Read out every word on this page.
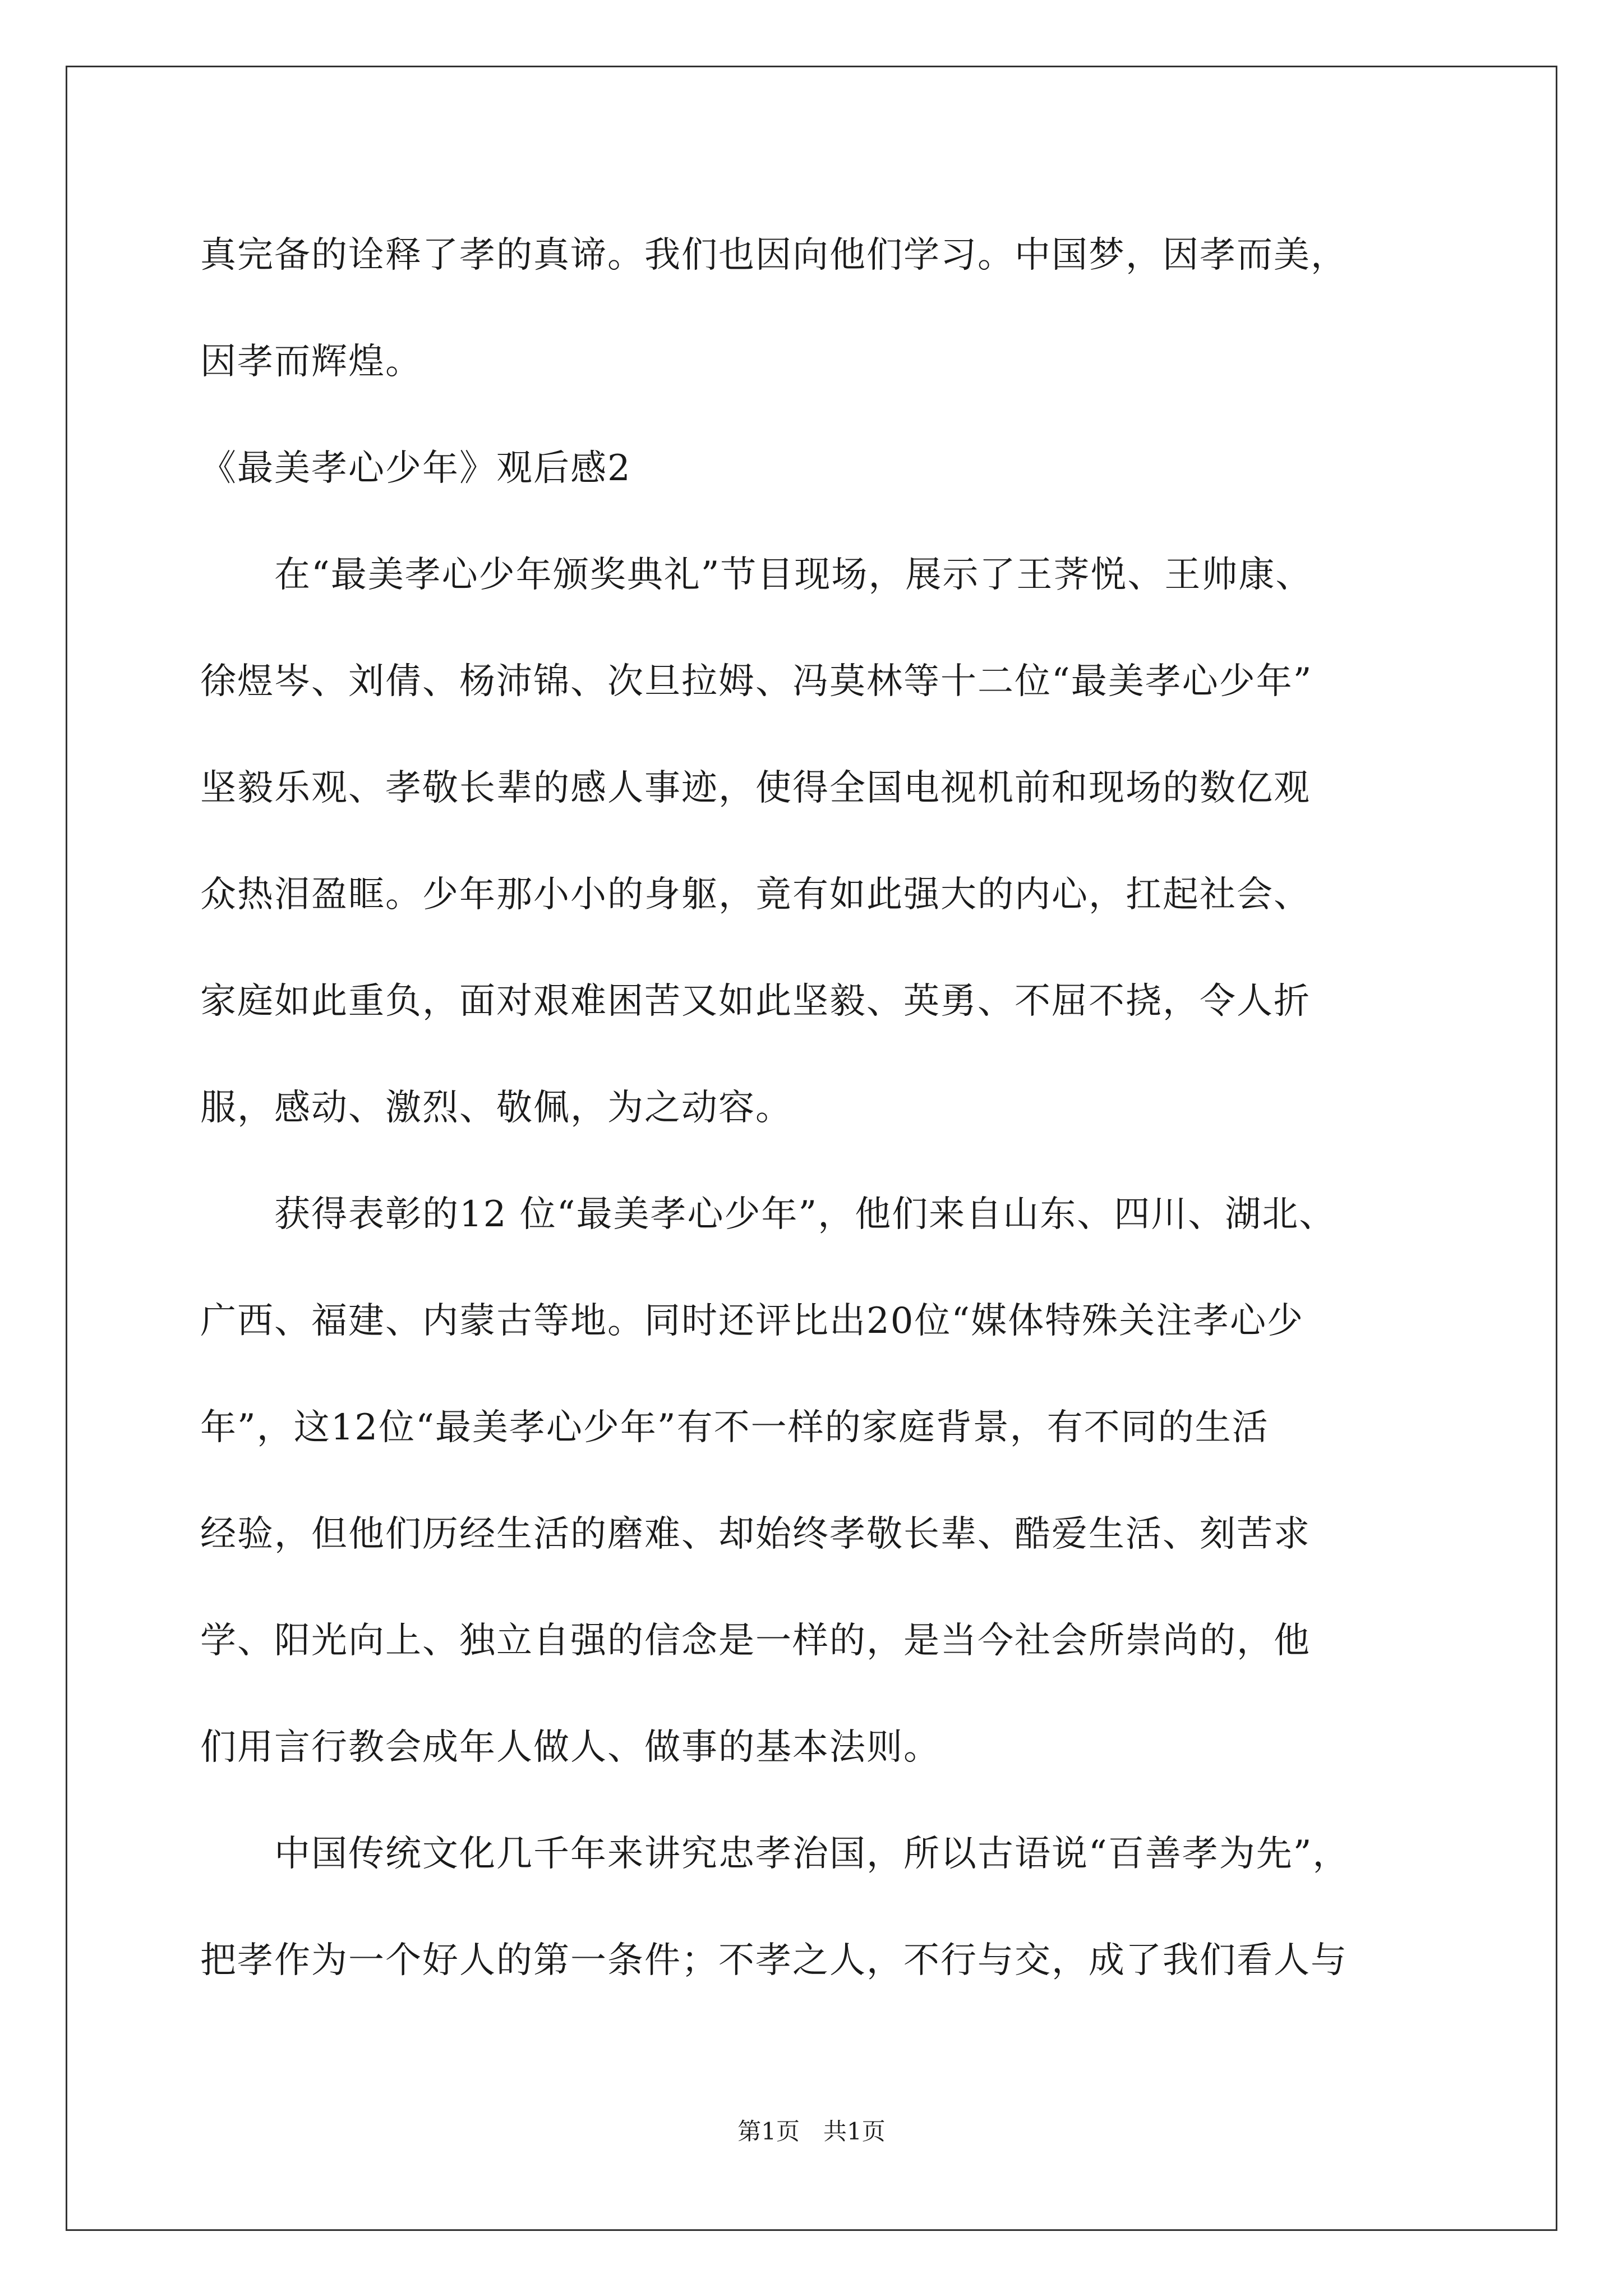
真完备的诠释了孝的真谛。我们也因向他们学习。中国梦，因孝而美，

因孝而辉煌。

《最美孝心少年》观后感2

　　在“最美孝心少年颁奖典礼”节目现场，展示了王荠悦、王帅康、

徐煜岑、刘倩、杨沛锦、次旦拉姆、冯莫林等十二位“最美孝心少年”

坚毅乐观、孝敬长辈的感人事迹，使得全国电视机前和现场的数亿观

众热泪盈眶。少年那小小的身躯，竟有如此强大的内心，扛起社会、

家庭如此重负，面对艰难困苦又如此坚毅、英勇、不屈不挠，令人折

服，感动、激烈、敬佩，为之动容。

　　获得表彰的12 位“最美孝心少年”，他们来自山东、四川、湖北、

广西、福建、内蒙古等地。同时还评比出20位“媒体特殊关注孝心少

年”，这12位“最美孝心少年”有不一样的家庭背景，有不同的生活

经验，但他们历经生活的磨难、却始终孝敬长辈、酷爱生活、刻苦求

学、阳光向上、独立自强的信念是一样的，是当今社会所崇尚的，他

们用言行教会成年人做人、做事的基本法则。

　　中国传统文化几千年来讲究忠孝治国，所以古语说“百善孝为先”，

把孝作为一个好人的第一条件；不孝之人，不行与交，成了我们看人与

第1页　共1页
